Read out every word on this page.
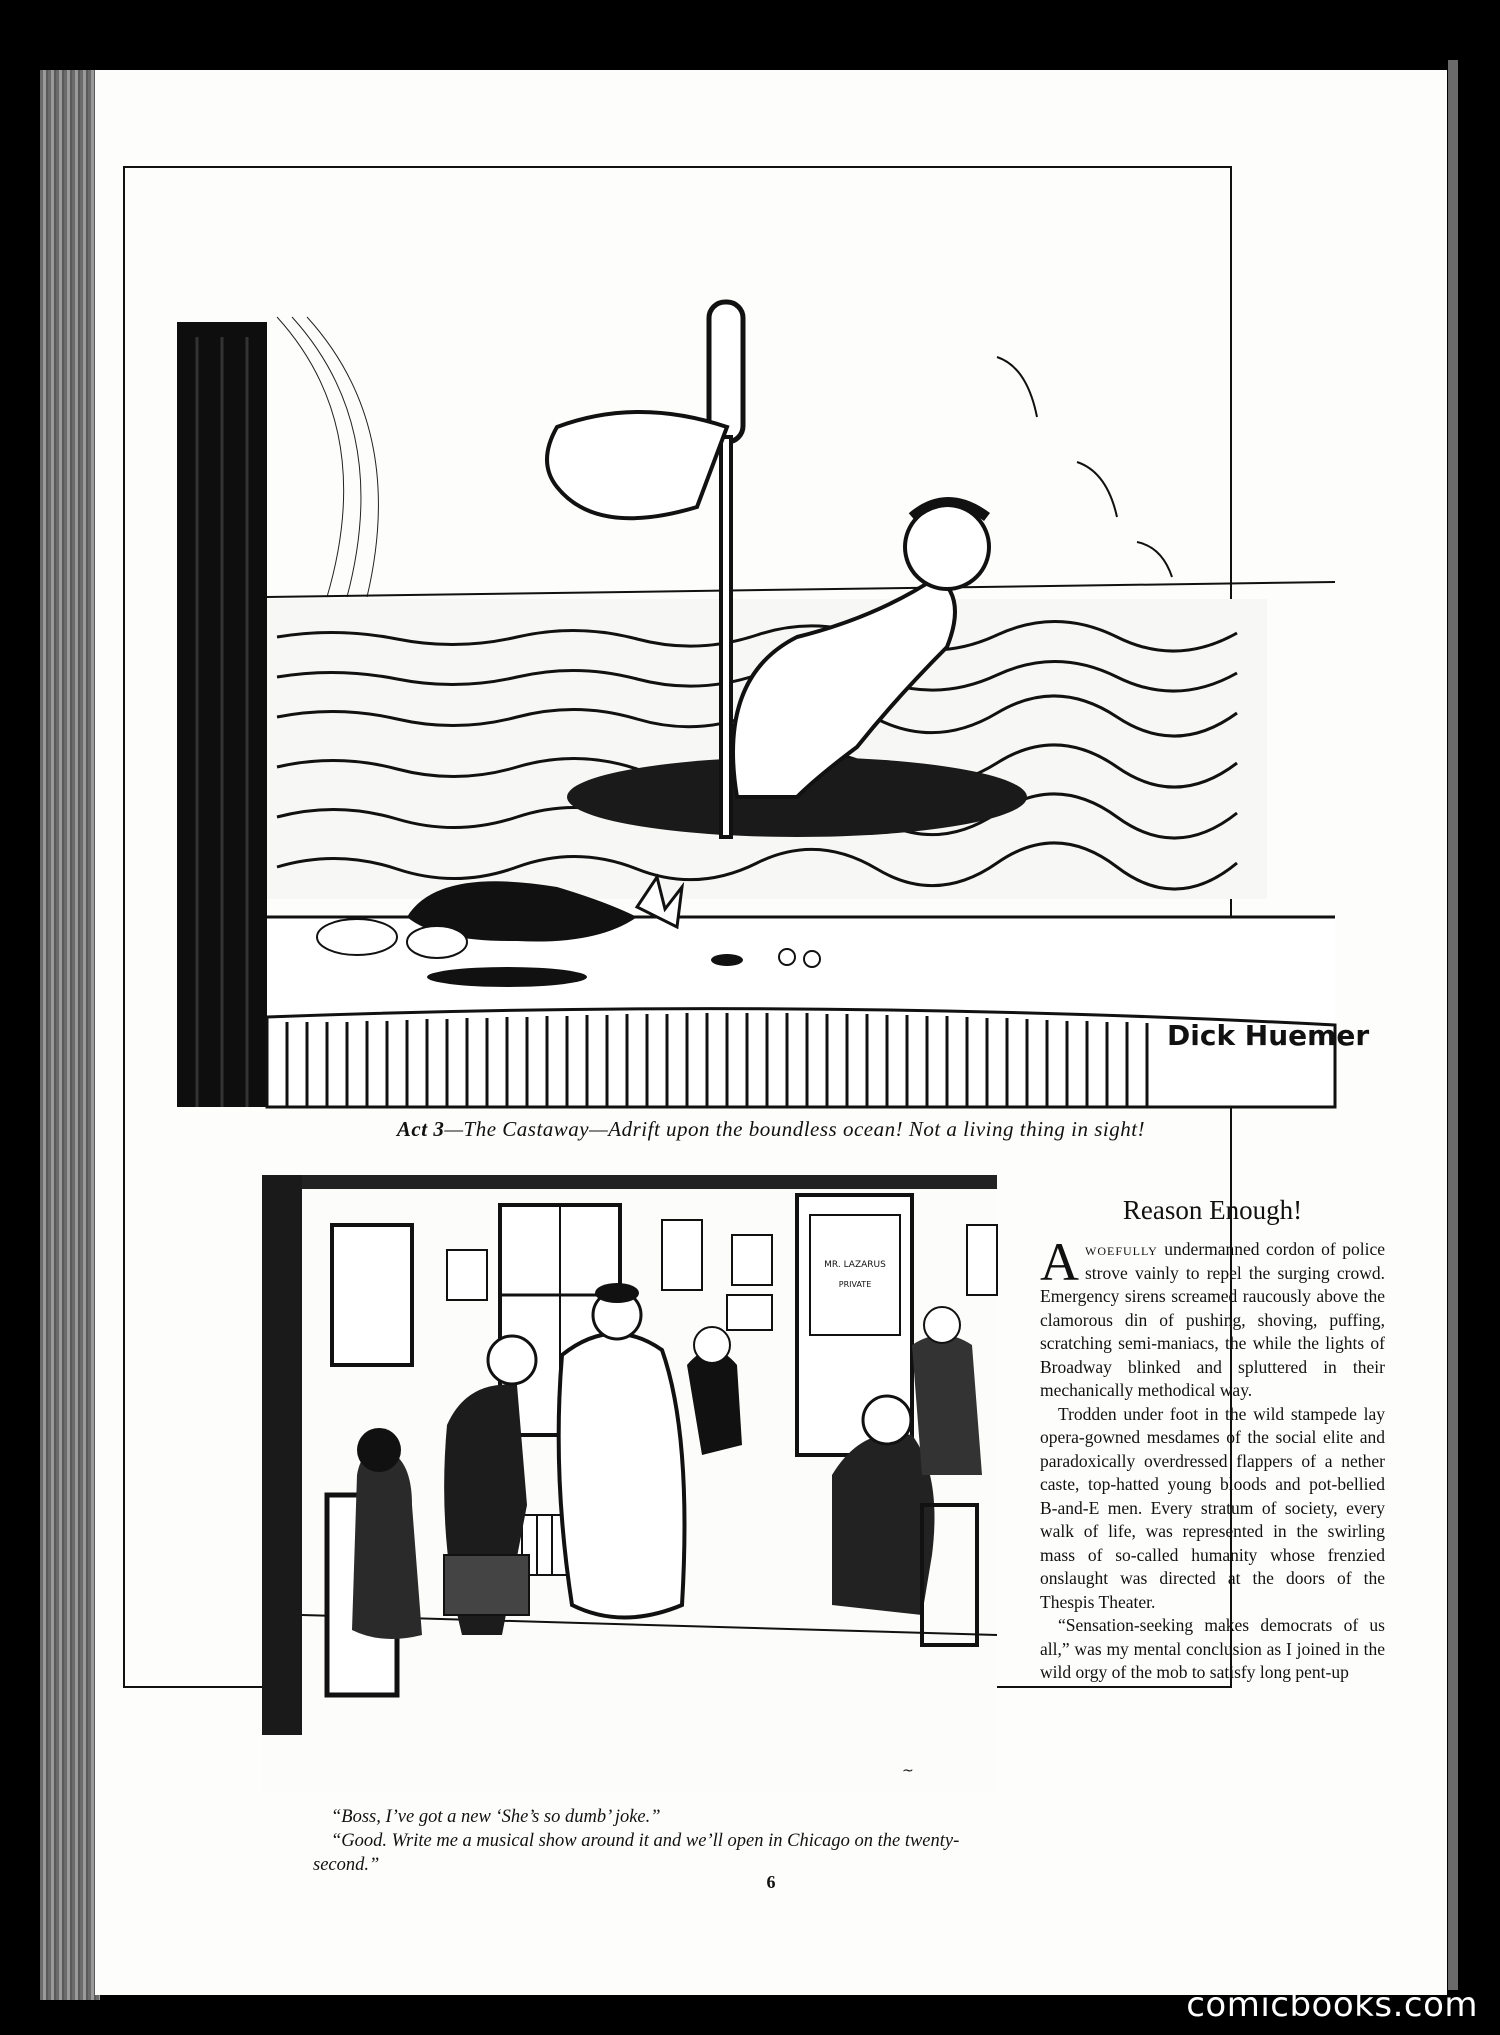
Dick Huemer
Act 3—The Castaway—Adrift upon the boundless ocean! Not a living thing in sight!
MR. LAZARUS
PRIVATE
~

“Boss, I’ve got a new ‘She’s so dumb’ joke.”

“Good. Write me a musical show around it and we’ll open in Chicago on the twenty-second.”

Reason Enough!

Awoefully undermanned cordon of police strove vainly to repel the surging crowd. Emergency sirens screamed raucously above the clamorous din of pushing, shoving, puffing, scratching semi-maniacs, the while the lights of Broadway blinked and spluttered in their mechanically methodical way.

Trodden under foot in the wild stampede lay opera-gowned mesdames of the social elite and paradoxically overdressed flappers of a nether caste, top-hatted young bloods and pot-bellied B-and-E men. Every stratum of society, every walk of life, was represented in the swirling mass of so-called humanity whose frenzied onslaught was directed at the doors of the Thespis Theater.

“Sensation-seeking makes democrats of us all,” was my mental conclusion as I joined in the wild orgy of the mob to satisfy long pent-up

6
comicbooks.com
